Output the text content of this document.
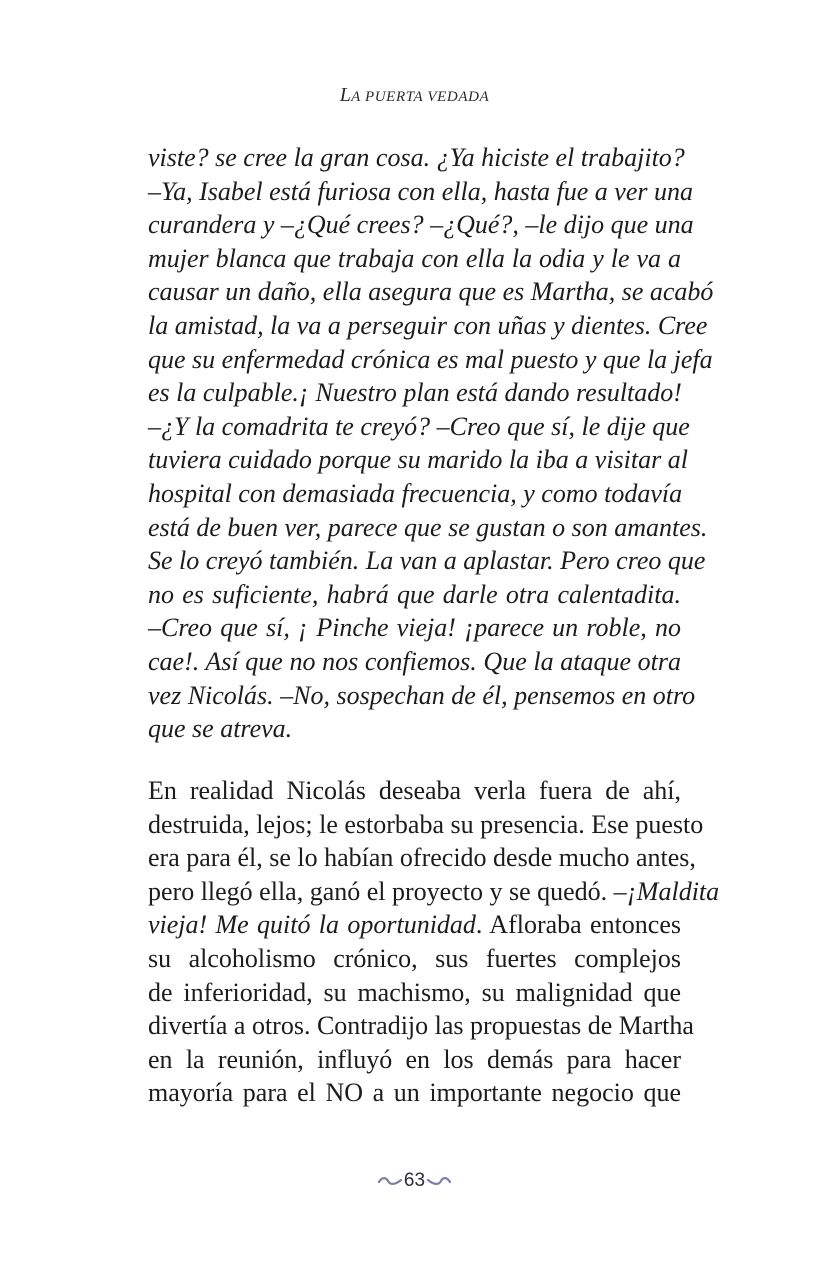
LA PUERTA VEDADA
viste? se cree la gran cosa. ¿Ya hiciste el trabajito?
–Ya, Isabel está furiosa con ella, hasta fue a ver una
curandera y –¿Qué crees? –¿Qué?, –le dijo que una
mujer blanca que trabaja con ella la odia y le va a
causar un daño, ella asegura que es Martha, se acabó
la amistad, la va a perseguir con uñas y dientes. Cree
que su enfermedad crónica es mal puesto y que la jefa
es la culpable.¡ Nuestro plan está dando resultado!
–¿Y la comadrita te creyó? –Creo que sí, le dije que
tuviera cuidado porque su marido la iba a visitar al
hospital con demasiada frecuencia, y como todavía
está de buen ver, parece que se gustan o son amantes.
Se lo creyó también. La van a aplastar. Pero creo que
no es suficiente, habrá que darle otra calentadita.
–Creo que sí, ¡ Pinche vieja! ¡parece un roble, no
cae!. Así que no nos confiemos. Que la ataque otra
vez Nicolás. –No, sospechan de él, pensemos en otro
que se atreva.
En realidad Nicolás deseaba verla fuera de ahí,
destruida, lejos; le estorbaba su presencia. Ese puesto
era para él, se lo habían ofrecido desde mucho antes,
pero llegó ella, ganó el proyecto y se quedó. –¡Maldita
vieja! Me quitó la oportunidad. Afloraba entonces
su alcoholismo crónico, sus fuertes complejos
de inferioridad, su machismo, su malignidad que
divertía a otros. Contradijo las propuestas de Martha
en la reunión, influyó en los demás para hacer
mayoría para el NO a un importante negocio que
63
